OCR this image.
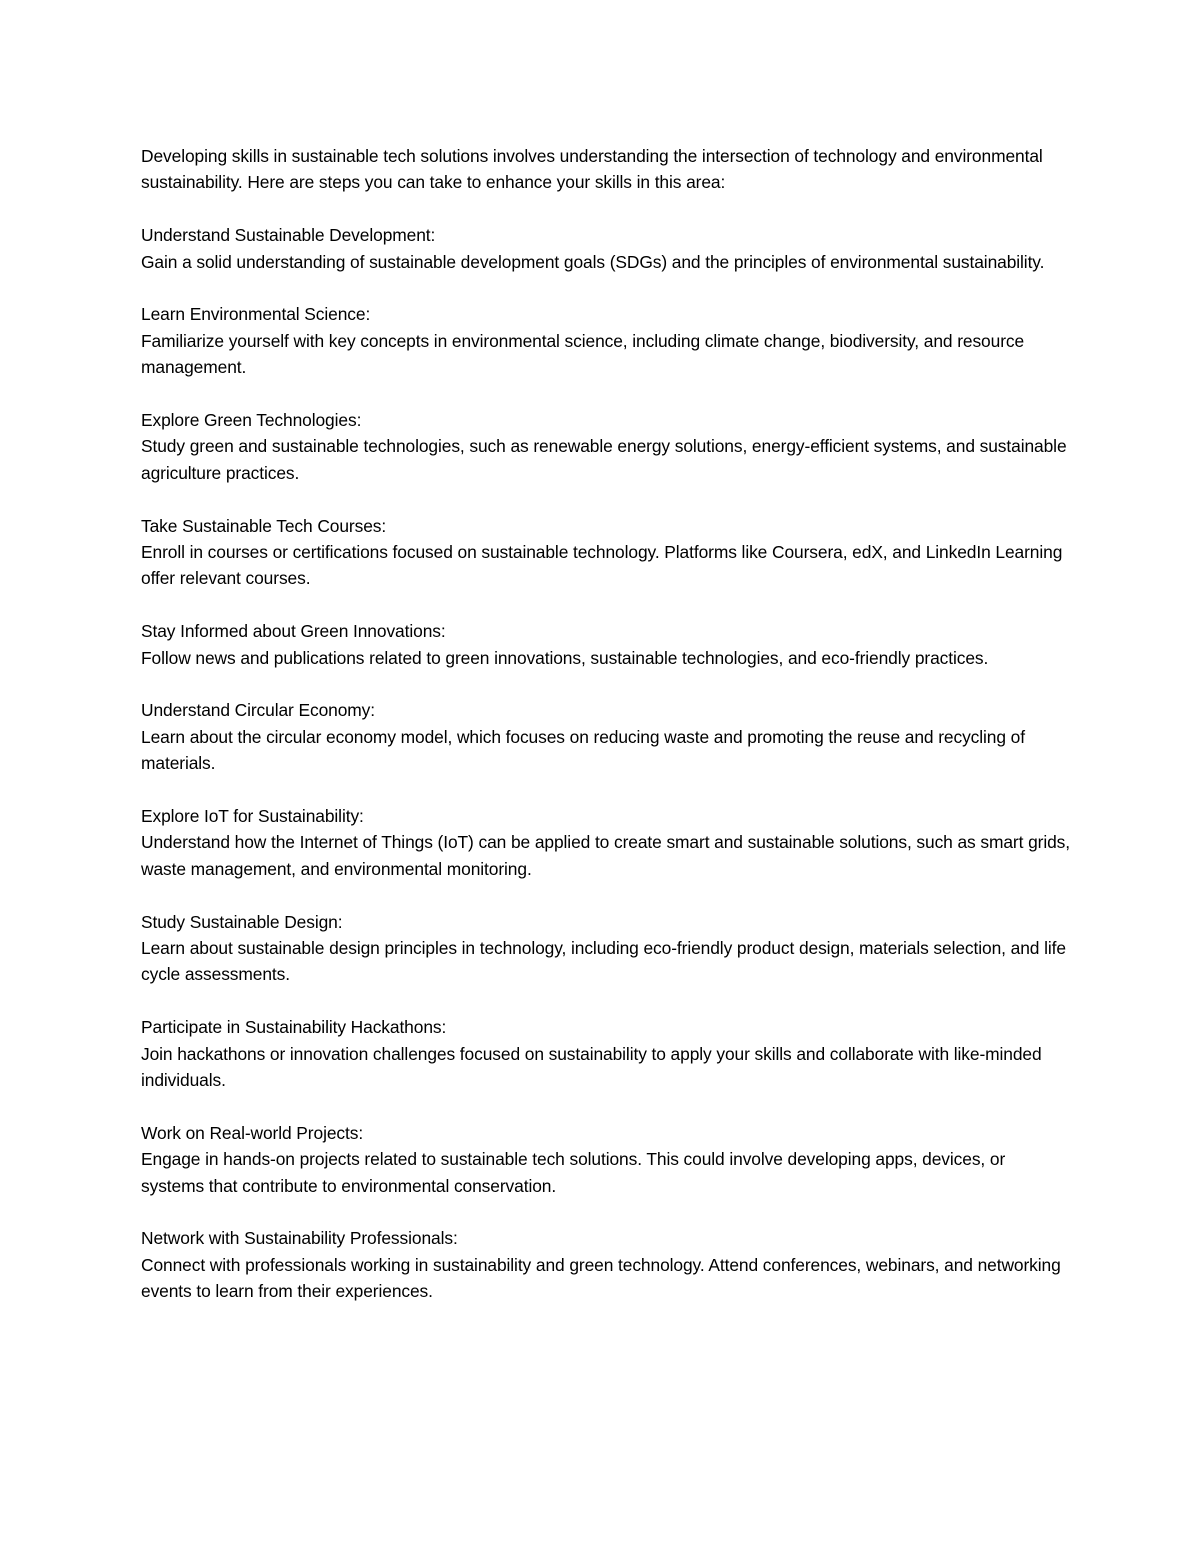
Developing skills in sustainable tech solutions involves understanding the intersection of technology and environmental sustainability. Here are steps you can take to enhance your skills in this area:

Understand Sustainable Development:
Gain a solid understanding of sustainable development goals (SDGs) and the principles of environmental sustainability.
Learn Environmental Science:
Familiarize yourself with key concepts in environmental science, including climate change, biodiversity, and resource management.
Explore Green Technologies:
Study green and sustainable technologies, such as renewable energy solutions, energy-efficient systems, and sustainable agriculture practices.
Take Sustainable Tech Courses:
Enroll in courses or certifications focused on sustainable technology. Platforms like Coursera, edX, and LinkedIn Learning offer relevant courses.
Stay Informed about Green Innovations:
Follow news and publications related to green innovations, sustainable technologies, and eco-friendly practices.
Understand Circular Economy:
Learn about the circular economy model, which focuses on reducing waste and promoting the reuse and recycling of materials.
Explore IoT for Sustainability:
Understand how the Internet of Things (IoT) can be applied to create smart and sustainable solutions, such as smart grids, waste management, and environmental monitoring.
Study Sustainable Design:
Learn about sustainable design principles in technology, including eco-friendly product design, materials selection, and life cycle assessments.
Participate in Sustainability Hackathons:
Join hackathons or innovation challenges focused on sustainability to apply your skills and collaborate with like-minded individuals.
Work on Real-world Projects:
Engage in hands-on projects related to sustainable tech solutions. This could involve developing apps, devices, or systems that contribute to environmental conservation.
Network with Sustainability Professionals:
Connect with professionals working in sustainability and green technology. Attend conferences, webinars, and networking events to learn from their experiences.
